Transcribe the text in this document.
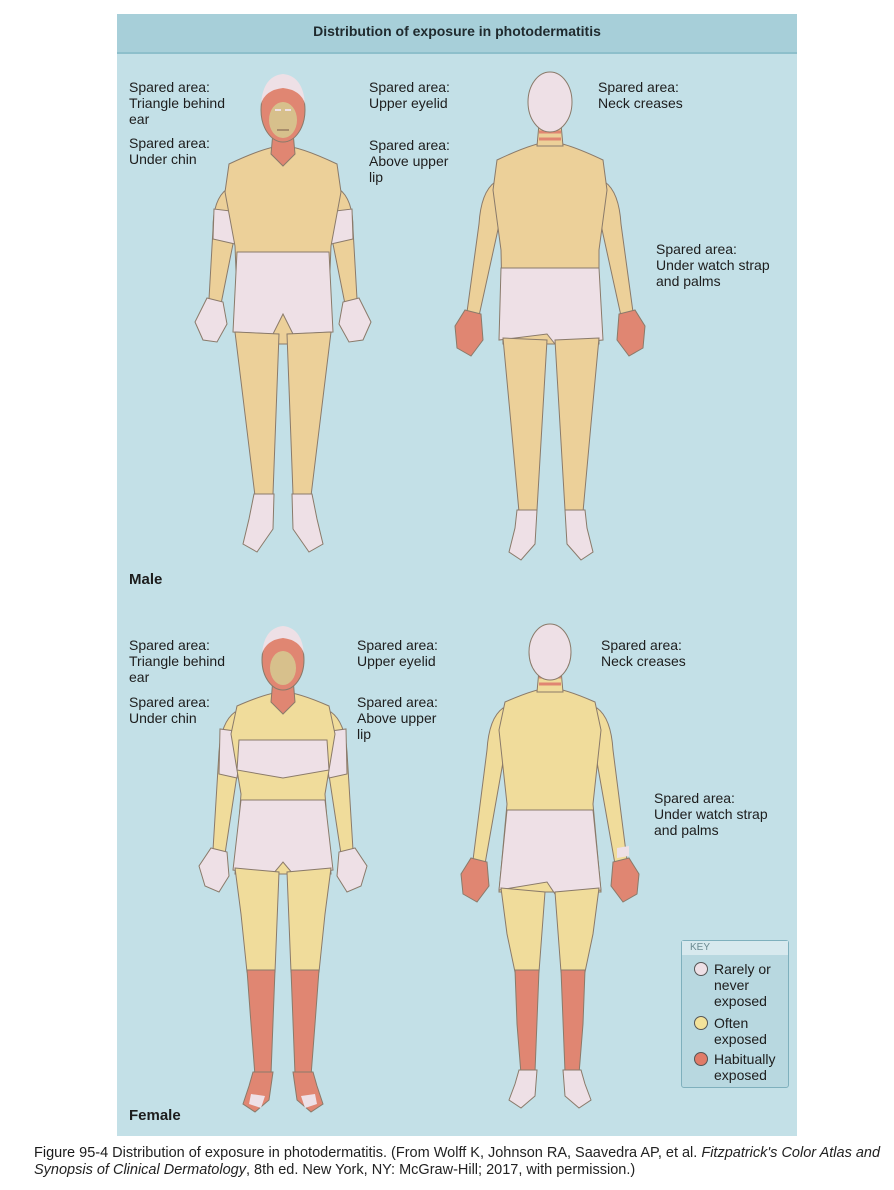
Distribution of exposure in photodermatitis
Spared area: Triangle behind ear
Spared area: Under chin
Spared area: Upper eyelid
Spared area: Above upper lip
Spared area: Neck creases
Spared area: Under watch strap and palms
Male
Spared area: Triangle behind ear
Spared area: Under chin
Spared area: Upper eyelid
Spared area: Above upper lip
Spared area: Neck creases
Spared area: Under watch strap and palms
Female
KEY
Rarely or never exposed
Often exposed
Habitually exposed
Figure 95-4 Distribution of exposure in photodermatitis. (From Wolff K, Johnson RA, Saavedra AP, et al. Fitzpatrick's Color Atlas and Synopsis of Clinical Dermatology, 8th ed. New York, NY: McGraw-Hill; 2017, with permission.)
